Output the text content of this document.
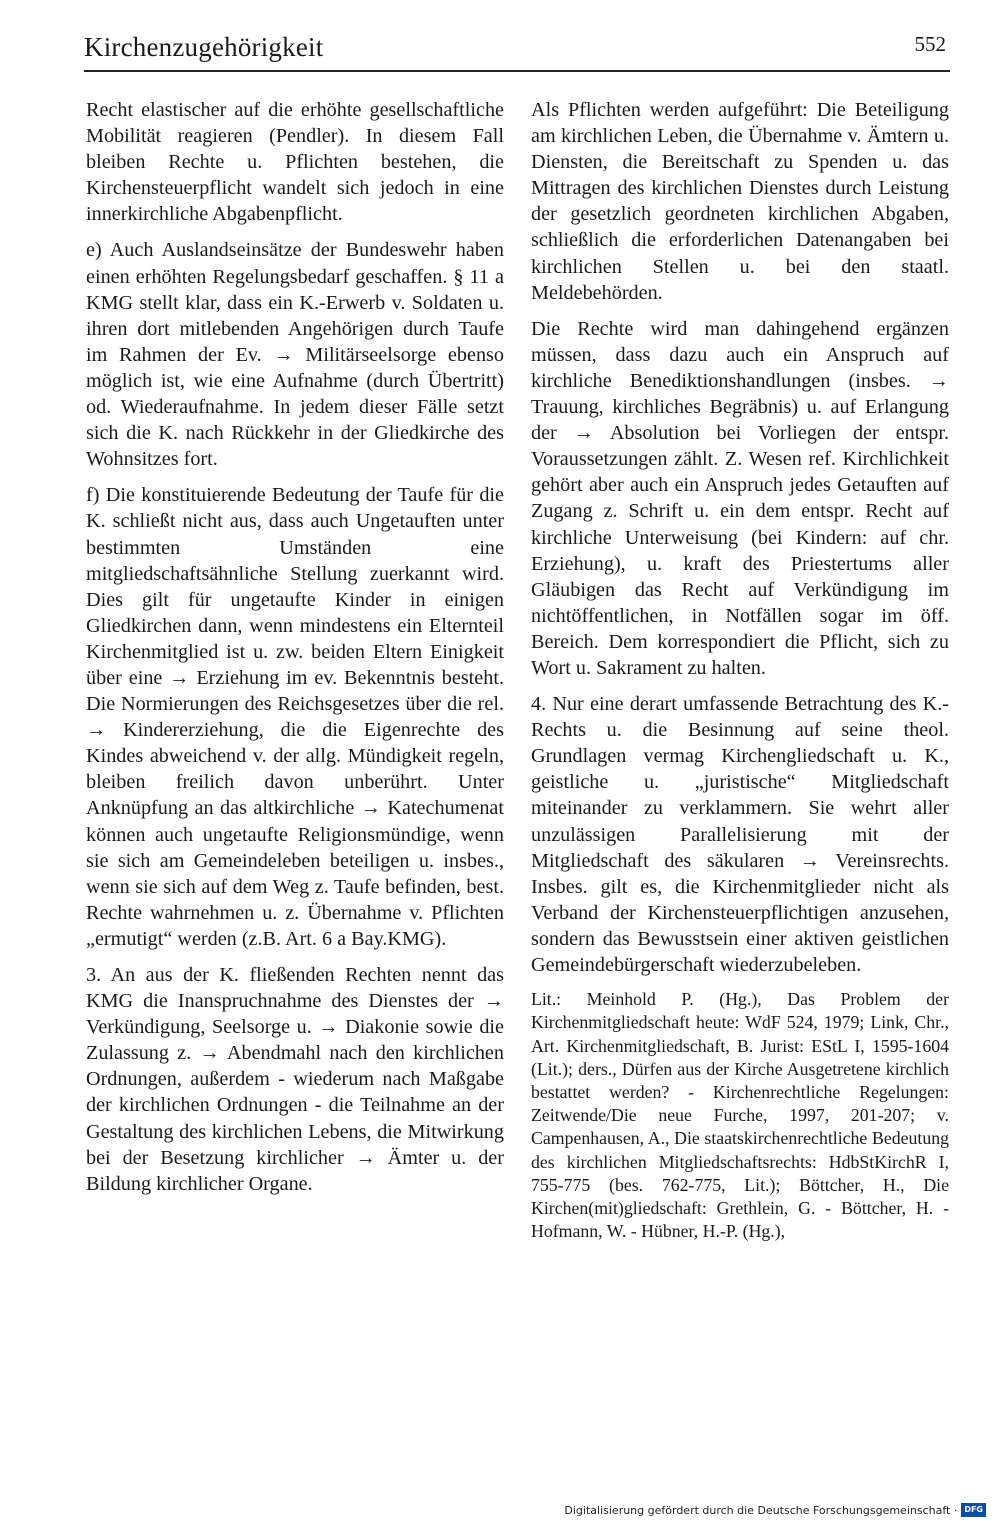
Kirchenzugehörigkeit	552

Recht elastischer auf die erhöhte gesellschaftliche Mobilität reagieren (Pendler). In diesem Fall bleiben Rechte u. Pflichten bestehen, die Kirchensteuerpflicht wandelt sich jedoch in eine innerkirchliche Abgabenpflicht.

e) Auch Auslandseinsätze der Bundeswehr haben einen erhöhten Regelungsbedarf geschaffen. § 11 a KMG stellt klar, dass ein K.-Erwerb v. Soldaten u. ihren dort mitlebenden Angehörigen durch Taufe im Rahmen der Ev. → Militärseelsorge ebenso möglich ist, wie eine Aufnahme (durch Übertritt) od. Wiederaufnahme. In jedem dieser Fälle setzt sich die K. nach Rückkehr in der Gliedkirche des Wohnsitzes fort.

f) Die konstituierende Bedeutung der Taufe für die K. schließt nicht aus, dass auch Ungetauften unter bestimmten Umständen eine mitgliedschaftsähnliche Stellung zuerkannt wird. Dies gilt für ungetaufte Kinder in einigen Gliedkirchen dann, wenn mindestens ein Elternteil Kirchenmitglied ist u. zw. beiden Eltern Einigkeit über eine → Erziehung im ev. Bekenntnis besteht. Die Normierungen des Reichsgesetzes über die rel. → Kindererziehung, die die Eigenrechte des Kindes abweichend v. der allg. Mündigkeit regeln, bleiben freilich davon unberührt. Unter Anknüpfung an das altkirchliche → Katechumenat können auch ungetaufte Religionsmündige, wenn sie sich am Gemeindeleben beteiligen u. insbes., wenn sie sich auf dem Weg z. Taufe befinden, best. Rechte wahrnehmen u. z. Übernahme v. Pflichten „ermutigt“ werden (z.B. Art. 6 a Bay.KMG).

3. An aus der K. fließenden Rechten nennt das KMG die Inanspruchnahme des Dienstes der → Verkündigung, Seelsorge u. → Diakonie sowie die Zulassung z. → Abendmahl nach den kirchlichen Ordnungen, außerdem - wiederum nach Maßgabe der kirchlichen Ordnungen - die Teilnahme an der Gestaltung des kirchlichen Lebens, die Mitwirkung bei der Besetzung kirchlicher → Ämter u. der Bildung kirchlicher Organe.

Als Pflichten werden aufgeführt: Die Beteiligung am kirchlichen Leben, die Übernahme v. Ämtern u. Diensten, die Bereitschaft zu Spenden u. das Mittragen des kirchlichen Dienstes durch Leistung der gesetzlich geordneten kirchlichen Abgaben, schließlich die erforderlichen Datenangaben bei kirchlichen Stellen u. bei den staatl. Meldebehörden.

Die Rechte wird man dahingehend ergänzen müssen, dass dazu auch ein Anspruch auf kirchliche Benediktionshandlungen (insbes. → Trauung, kirchliches Begräbnis) u. auf Erlangung der → Absolution bei Vorliegen der entspr. Voraussetzungen zählt. Z. Wesen ref. Kirchlichkeit gehört aber auch ein Anspruch jedes Getauften auf Zugang z. Schrift u. ein dem entspr. Recht auf kirchliche Unterweisung (bei Kindern: auf chr. Erziehung), u. kraft des Priestertums aller Gläubigen das Recht auf Verkündigung im nichtöffentlichen, in Notfällen sogar im öff. Bereich. Dem korrespondiert die Pflicht, sich zu Wort u. Sakrament zu halten.

4. Nur eine derart umfassende Betrachtung des K.-Rechts u. die Besinnung auf seine theol. Grundlagen vermag Kirchengliedschaft u. K., geistliche u. „juristische“ Mitgliedschaft miteinander zu verklammern. Sie wehrt aller unzulässigen Parallelisierung mit der Mitgliedschaft des säkularen → Vereinsrechts. Insbes. gilt es, die Kirchenmitglieder nicht als Verband der Kirchensteuerpflichtigen anzusehen, sondern das Bewusstsein einer aktiven geistlichen Gemeindebürgerschaft wiederzubeleben.

Lit.: Meinhold P. (Hg.), Das Problem der Kirchenmitgliedschaft heute: WdF 524, 1979; Link, Chr., Art. Kirchenmitgliedschaft, B. Jurist: EStL I, 1595-1604 (Lit.); ders., Dürfen aus der Kirche Ausgetretene kirchlich bestattet werden? - Kirchenrechtliche Regelungen: Zeitwende/Die neue Furche, 1997, 201-207; v. Campenhausen, A., Die staatskirchenrechtliche Bedeutung des kirchlichen Mitgliedschaftsrechts: HdbStKirchR I, 755-775 (bes. 762-775, Lit.); Böttcher, H., Die Kirchen(mit)gliedschaft: Grethlein, G. - Böttcher, H. - Hofmann, W. - Hübner, H.-P. (Hg.),

Digitalisierung gefördert durch die Deutsche Forschungsgemeinschaft · DFG
